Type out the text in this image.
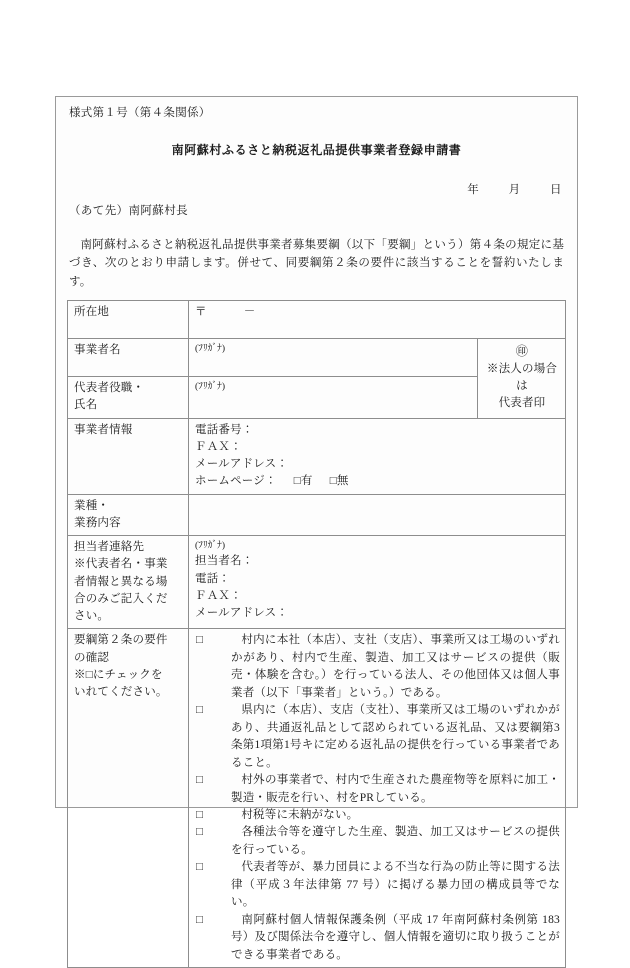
様式第１号（第４条関係）
南阿蘇村ふるさと納税返礼品提供事業者登録申請書
年	月	日
（あて先）南阿蘇村長
南阿蘇村ふるさと納税返礼品提供事業者募集要綱（以下「要綱」という）第４条の規定に基づき、次のとおり申請します。併せて、同要綱第２条の要件に該当することを誓約いたします。
所在地	〒 －	

事業者名	(ﾌﾘｶﾞﾅ)	㊞
※法人の場合
は
代表者印

代表者役職・
氏名	(ﾌﾘｶﾞﾅ)	

事業者情報	電話番号：
ＦＡＸ：
メールアドレス：
ホームページ： □有 □無	

業種・
業務内容		

担当者連絡先
※代表者名・事業
者情報と異なる場
合のみご記入くだ
さい。	(ﾌﾘｶﾞﾅ)
担当者名：
電話：
ＦＡＸ：
メールアドレス：	

要綱第２条の要件
の確認
※□にチェックを
いれてください。

□	村内に本社（本店）、支社（支店）、事業所又は工場のいずれかがあり、村内で生産、製造、加工又はサービスの提供（販売・体験を含む。）を行っている法人、その他団体又は個人事業者（以下「事業者」という。）である。
□	県内に（本店）、支店（支社）、事業所又は工場のいずれかがあり、共通返礼品として認められている返礼品、又は要綱第3条第1項第1号キに定める返礼品の提供を行っている事業者であること。
□	村外の事業者で、村内で生産された農産物等を原料に加工・製造・販売を行い、村をPRしている。
□	村税等に未納がない。
□	各種法令等を遵守した生産、製造、加工又はサービスの提供を行っている。
□	代表者等が、暴力団員による不当な行為の防止等に関する法律（平成３年法律第 77 号）に掲げる暴力団の構成員等でない。
□	南阿蘇村個人情報保護条例（平成 17 年南阿蘇村条例第 183 号）及び関係法令を遵守し、個人情報を適切に取り扱うことができる事業者である。
